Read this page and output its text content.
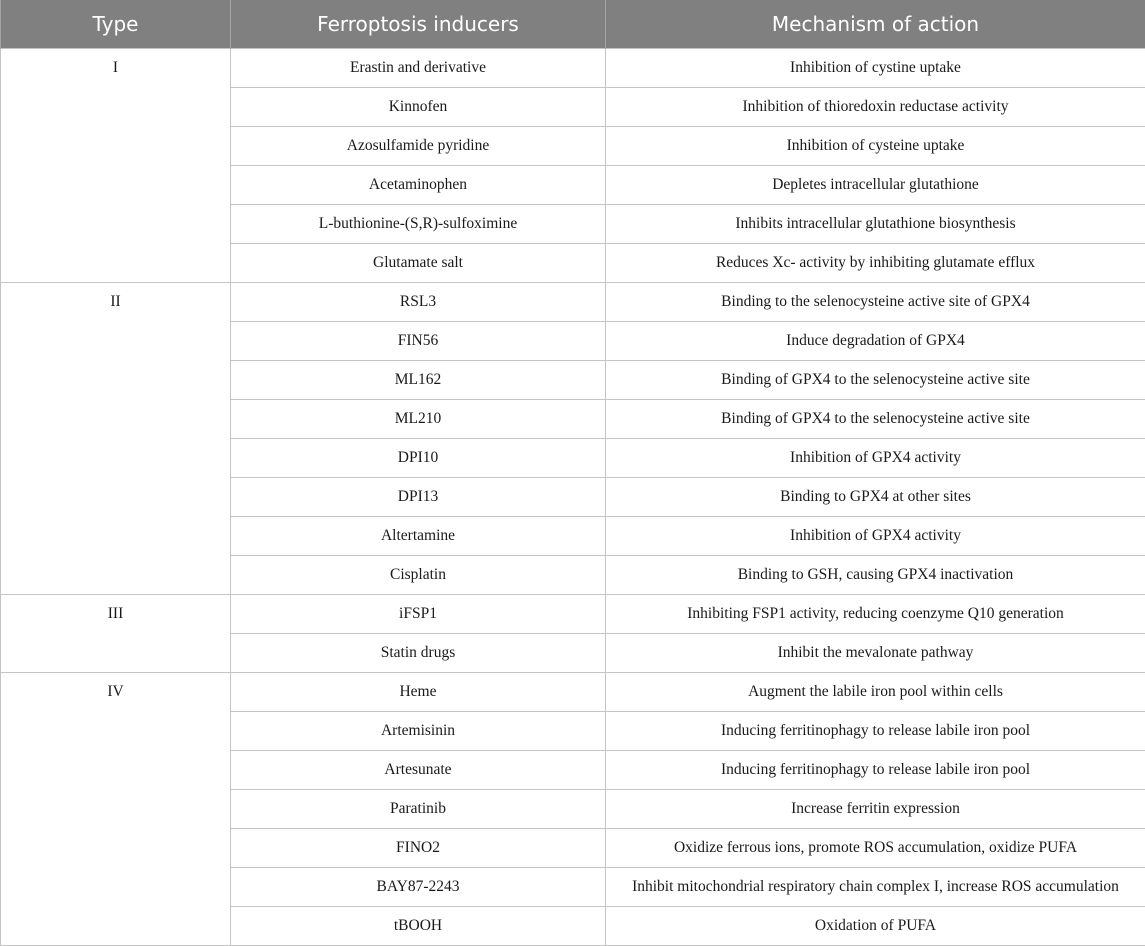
Type	Ferroptosis inducers	Mechanism of action
I	Erastin and derivative	Inhibition of cystine uptake
	Kinnofen	Inhibition of thioredoxin reductase activity
	Azosulfamide pyridine	Inhibition of cysteine uptake
	Acetaminophen	Depletes intracellular glutathione
	L-buthionine-(S,R)-sulfoximine	Inhibits intracellular glutathione biosynthesis
	Glutamate salt	Reduces Xc- activity by inhibiting glutamate efflux
II	RSL3	Binding to the selenocysteine active site of GPX4
	FIN56	Induce degradation of GPX4
	ML162	Binding of GPX4 to the selenocysteine active site
	ML210	Binding of GPX4 to the selenocysteine active site
	DPI10	Inhibition of GPX4 activity
	DPI13	Binding to GPX4 at other sites
	Altertamine	Inhibition of GPX4 activity
	Cisplatin	Binding to GSH, causing GPX4 inactivation
III	iFSP1	Inhibiting FSP1 activity, reducing coenzyme Q10 generation
	Statin drugs	Inhibit the mevalonate pathway
IV	Heme	Augment the labile iron pool within cells
	Artemisinin	Inducing ferritinophagy to release labile iron pool
	Artesunate	Inducing ferritinophagy to release labile iron pool
	Paratinib	Increase ferritin expression
	FINO2	Oxidize ferrous ions, promote ROS accumulation, oxidize PUFA
	BAY87-2243	Inhibit mitochondrial respiratory chain complex I, increase ROS accumulation
	tBOOH	Oxidation of PUFA
